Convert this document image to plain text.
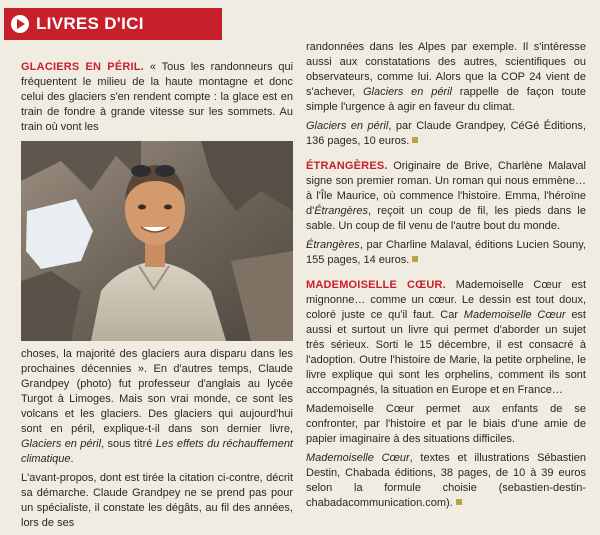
LIVRES D'ICI

GLACIERS EN PÉRIL. « Tous les randonneurs qui fréquentent le milieu de la haute montagne et donc celui des glaciers s'en rendent compte : la glace est en train de fondre à grande vitesse sur les sommets. Au train où vont les

choses, la majorité des glaciers aura disparu dans les prochaines décennies ». En d'autres temps, Claude Grandpey (photo) fut professeur d'anglais au lycée Turgot à Limoges. Mais son vrai monde, ce sont les volcans et les glaciers. Des glaciers qui aujourd'hui sont en péril, explique-t-il dans son dernier livre, Glaciers en péril, sous titré Les effets du réchauffement climatique.

L'avant-propos, dont est tirée la citation ci-contre, décrit sa démarche. Claude Grandpey ne se prend pas pour un spécialiste, il constate les dégâts, au fil des années, lors de ses

randonnées dans les Alpes par exemple. Il s'intéresse aussi aux constatations des autres, scientifiques ou observateurs, comme lui. Alors que la COP 24 vient de s'achever, Glaciers en péril rappelle de façon toute simple l'urgence à agir en faveur du climat.

Glaciers en péril, par Claude Grandpey, CéGé Éditions, 136 pages, 10 euros.

ÉTRANGÈRES. Originaire de Brive, Charlène Malaval signe son premier roman. Un roman qui nous emmène… à l'Île Maurice, où commence l'histoire. Emma, l'héroïne d'Étrangères, reçoit un coup de fil, les pieds dans le sable. Un coup de fil venu de l'autre bout du monde.

Étrangères, par Charline Malaval, éditions Lucien Souny, 155 pages, 14 euros.

MADEMOISELLE CŒUR. Mademoiselle Cœur est mignonne… comme un cœur. Le dessin est tout doux, coloré juste ce qu'il faut. Car Mademoiselle Cœur est aussi et surtout un livre qui permet d'aborder un sujet très sérieux. Sorti le 15 décembre, il est consacré à l'adoption. Outre l'histoire de Marie, la petite orpheline, le livre explique qui sont les orphelins, comment ils sont accompagnés, la situation en Europe et en France…

Mademoiselle Cœur permet aux enfants de se confronter, par l'histoire et par le biais d'une amie de papier imaginaire à des situations difficiles.

Mademoiselle Cœur, textes et illustrations Sébastien Destin, Chabada éditions, 38 pages, de 10 à 39 euros selon la formule choisie (sebastien-destin-chabadacommunication.com).
